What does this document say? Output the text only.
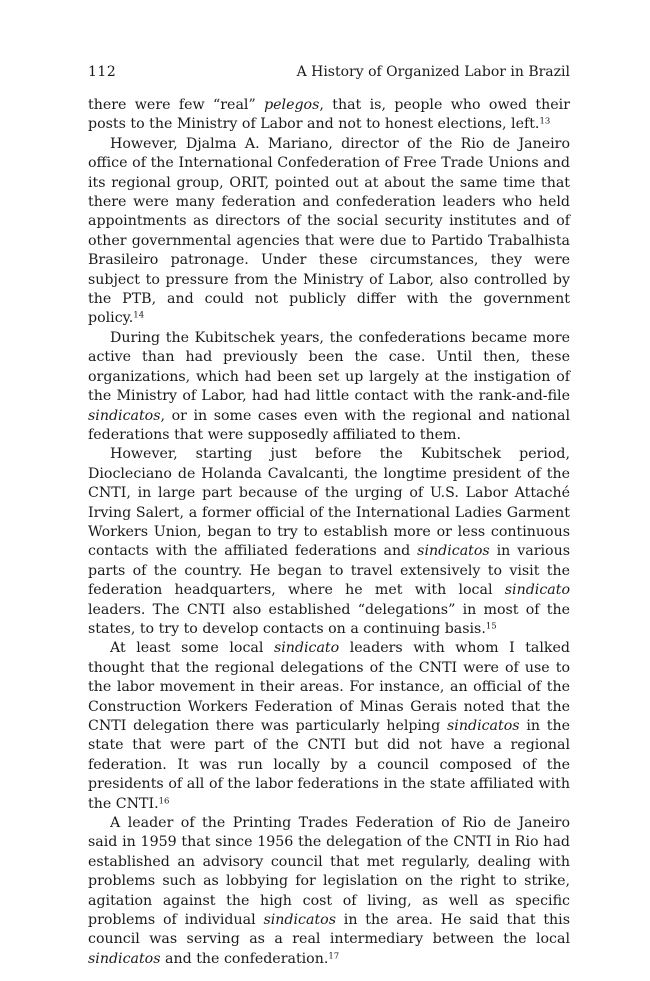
112	A History of Organized Labor in Brazil

there were few “real” pelegos, that is, people who owed their posts to the Ministry of Labor and not to honest elections, left.$^{13}$

However, Djalma A. Mariano, director of the Rio de Janeiro office of the International Confederation of Free Trade Unions and its regional group, ORIT, pointed out at about the same time that there were many federation and confederation leaders who held appointments as directors of the social security institutes and of other governmental agencies that were due to Partido Trabalhista Brasileiro patronage. Under these circumstances, they were subject to pressure from the Ministry of Labor, also controlled by the PTB, and could not publicly differ with the government policy.$^{14}$

During the Kubitschek years, the confederations became more active than had previously been the case. Until then, these organizations, which had been set up largely at the instigation of the Ministry of Labor, had had little contact with the rank-and-file sindicatos, or in some cases even with the regional and national federations that were supposedly affiliated to them.

However, starting just before the Kubitschek period, Diocleciano de Holanda Cavalcanti, the longtime president of the CNTI, in large part because of the urging of U.S. Labor Attaché Irving Salert, a former official of the International Ladies Garment Workers Union, began to try to establish more or less continuous contacts with the affiliated federations and sindicatos in various parts of the country. He began to travel extensively to visit the federation headquarters, where he met with local sindicato leaders. The CNTI also established “delegations” in most of the states, to try to develop contacts on a continuing basis.$^{15}$

At least some local sindicato leaders with whom I talked thought that the regional delegations of the CNTI were of use to the labor movement in their areas. For instance, an official of the Construction Workers Federation of Minas Gerais noted that the CNTI delegation there was particularly helping sindicatos in the state that were part of the CNTI but did not have a regional federation. It was run locally by a council composed of the presidents of all of the labor federations in the state affiliated with the CNTI.$^{16}$

A leader of the Printing Trades Federation of Rio de Janeiro said in 1959 that since 1956 the delegation of the CNTI in Rio had established an advisory council that met regularly, dealing with problems such as lobbying for legislation on the right to strike, agitation against the high cost of living, as well as specific problems of individual sindicatos in the area. He said that this council was serving as a real intermediary between the local sindicatos and the confederation.$^{17}$
